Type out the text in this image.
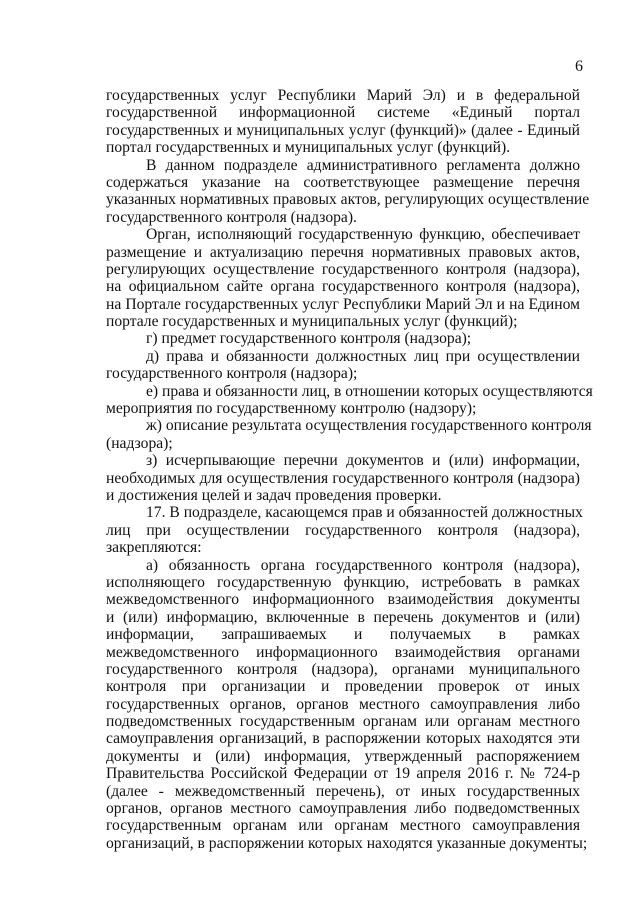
6
государственных услуг Республики Марий Эл) и в федеральной
государственной информационной системе «Единый портал
государственных и муниципальных услуг (функций)» (далее - Единый
портал государственных и муниципальных услуг (функций).
В данном подразделе административного регламента должно
содержаться указание на соответствующее размещение перечня
указанных нормативных правовых актов, регулирующих осуществление
государственного контроля (надзора).
Орган, исполняющий государственную функцию, обеспечивает
размещение и актуализацию перечня нормативных правовых актов,
регулирующих осуществление государственного контроля (надзора),
на официальном сайте органа государственного контроля (надзора),
на Портале государственных услуг Республики Марий Эл и на Едином
портале государственных и муниципальных услуг (функций);
г) предмет государственного контроля (надзора);
д) права и обязанности должностных лиц при осуществлении
государственного контроля (надзора);
е) права и обязанности лиц, в отношении которых осуществляются
мероприятия по государственному контролю (надзору);
ж) описание результата осуществления государственного контроля
(надзора);
з) исчерпывающие перечни документов и (или) информации,
необходимых для осуществления государственного контроля (надзора)
и достижения целей и задач проведения проверки.
17. В подразделе, касающемся прав и обязанностей должностных
лиц при осуществлении государственного контроля (надзора),
закрепляются:
а) обязанность органа государственного контроля (надзора),
исполняющего государственную функцию, истребовать в рамках
межведомственного информационного взаимодействия документы
и (или) информацию, включенные в перечень документов и (или)
информации, запрашиваемых и получаемых в рамках
межведомственного информационного взаимодействия органами
государственного контроля (надзора), органами муниципального
контроля при организации и проведении проверок от иных
государственных органов, органов местного самоуправления либо
подведомственных государственным органам или органам местного
самоуправления организаций, в распоряжении которых находятся эти
документы и (или) информация, утвержденный распоряжением
Правительства Российской Федерации от 19 апреля 2016 г. № 724-р
(далее - межведомственный перечень), от иных государственных
органов, органов местного самоуправления либо подведомственных
государственным органам или органам местного самоуправления
организаций, в распоряжении которых находятся указанные документы;
